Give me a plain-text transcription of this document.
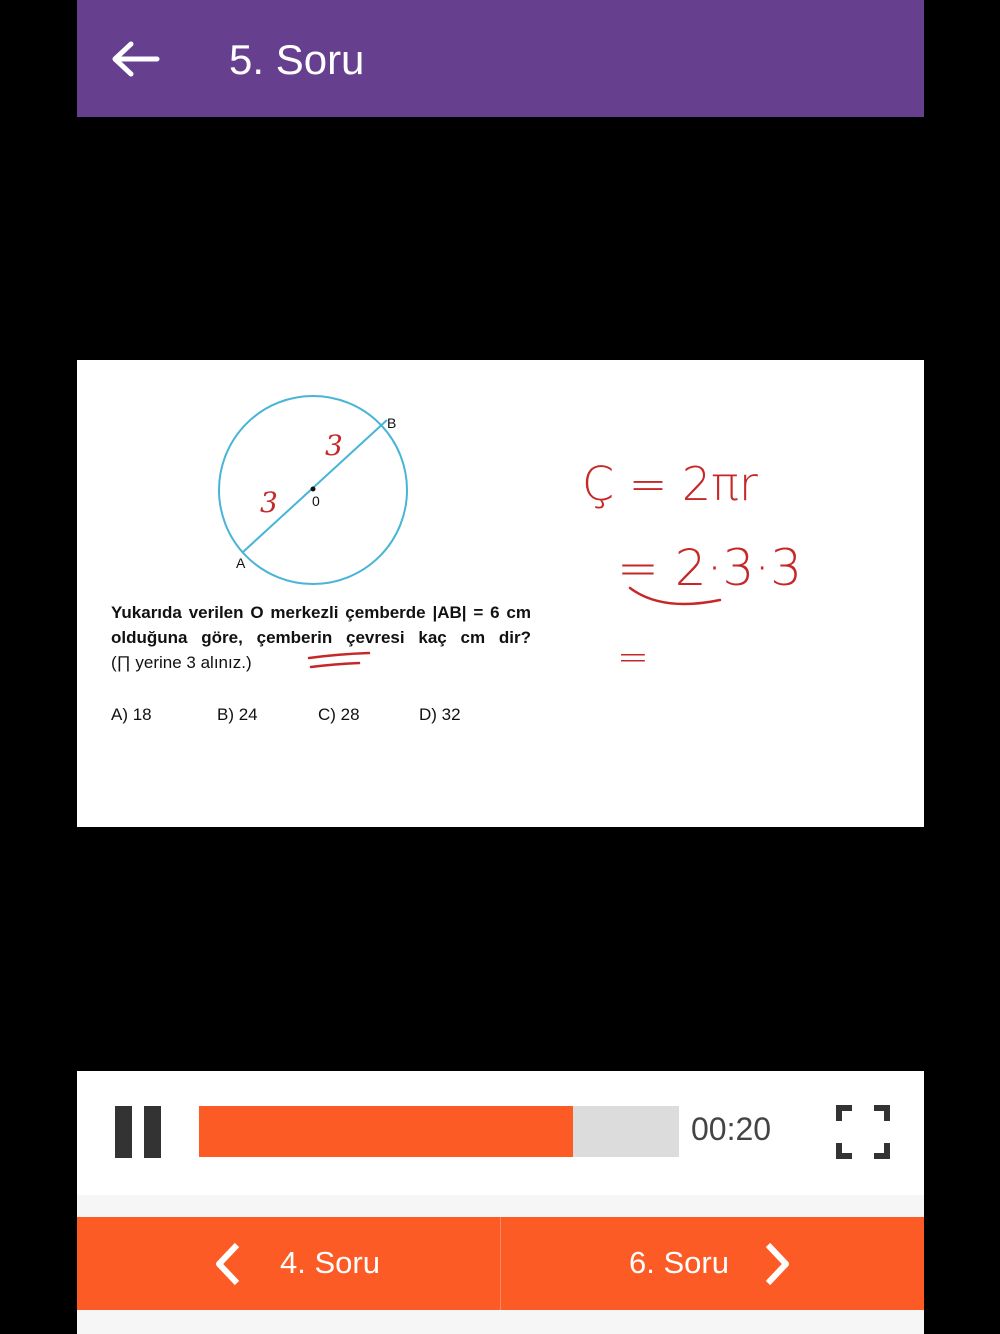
5. Soru
0
B
A
3
3	Ç = 2πr
= 2·3·3
=
Yukarıda verilen O merkezli çemberde |AB| = 6 cm
olduğuna göre, çemberin çevresi kaç cm dir?
(∏ yerine 3 alınız.)
A) 18	B) 24	C) 28	D) 32
00:20
4. Soru	6. Soru
